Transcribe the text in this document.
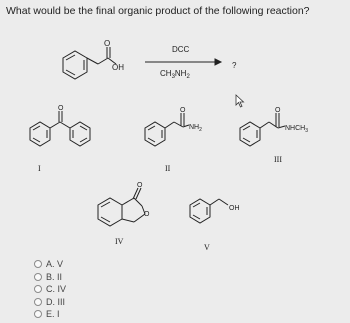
What would be the final organic product of the following reaction?
O
OH
DCC
$CH_3NH_2$
?
O
I
O
$NH_2$
II
O
$NHCH_3$
III
O
O
IV
OH
V
A. V
B. II
C. IV
D. III
E. I
